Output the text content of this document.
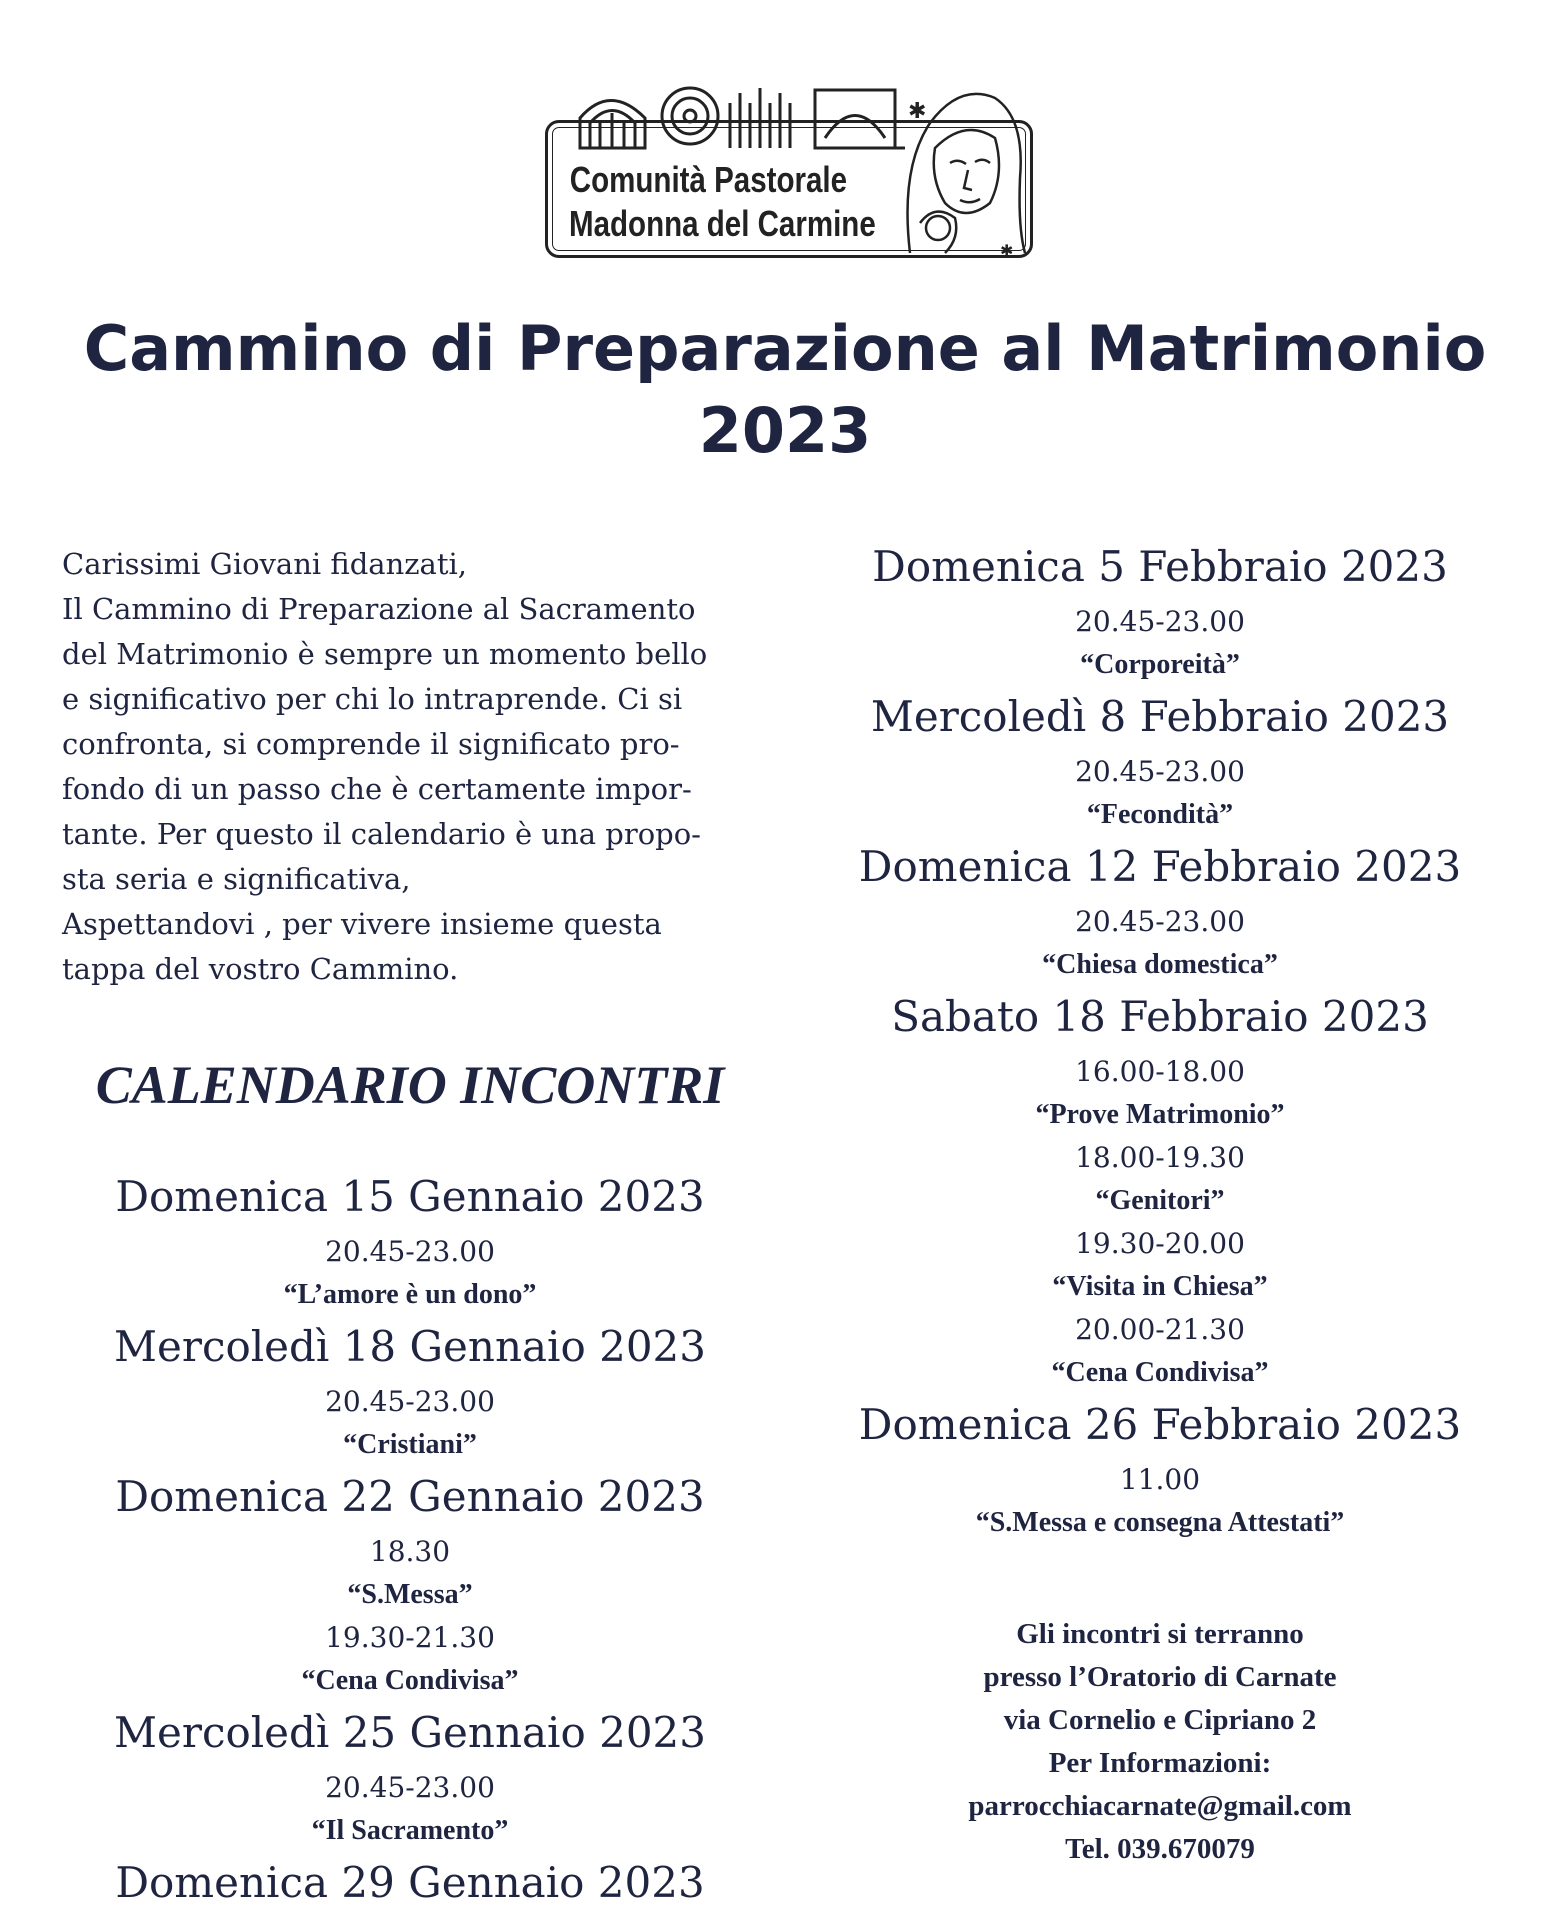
✱
✱
Comunità Pastorale
Madonna del Carmine
Cammino di Preparazione al Matrimonio
2023
Carissimi Giovani fidanzati,
Il Cammino di Preparazione al Sacramento
del Matrimonio è sempre un momento bello
e significativo per chi lo intraprende. Ci si
confronta, si comprende il significato pro-
fondo di un passo che è certamente impor-
tante. Per questo il calendario è una propo-
sta seria e significativa,
Aspettandovi , per vivere insieme questa
tappa del vostro Cammino.
CALENDARIO INCONTRI
Domenica 15 Gennaio 2023
20.45-23.00
“L’amore è un dono”
Mercoledì 18 Gennaio 2023
20.45-23.00
“Cristiani”
Domenica 22 Gennaio 2023
18.30
“S.Messa”
19.30-21.30
“Cena Condivisa”
Mercoledì 25 Gennaio 2023
20.45-23.00
“Il Sacramento”
Domenica 29 Gennaio 2023
Domenica 5 Febbraio 2023
20.45-23.00
“Corporeità”
Mercoledì 8 Febbraio 2023
20.45-23.00
“Fecondità”
Domenica 12 Febbraio 2023
20.45-23.00
“Chiesa domestica”
Sabato 18 Febbraio 2023
16.00-18.00
“Prove Matrimonio”
18.00-19.30
“Genitori”
19.30-20.00
“Visita in Chiesa”
20.00-21.30
“Cena Condivisa”
Domenica 26 Febbraio 2023
11.00
“S.Messa e consegna Attestati”
Gli incontri si terranno
presso l’Oratorio di Carnate
via Cornelio e Cipriano 2
Per Informazioni:
parrocchiacarnate@gmail.com
Tel. 039.670079
